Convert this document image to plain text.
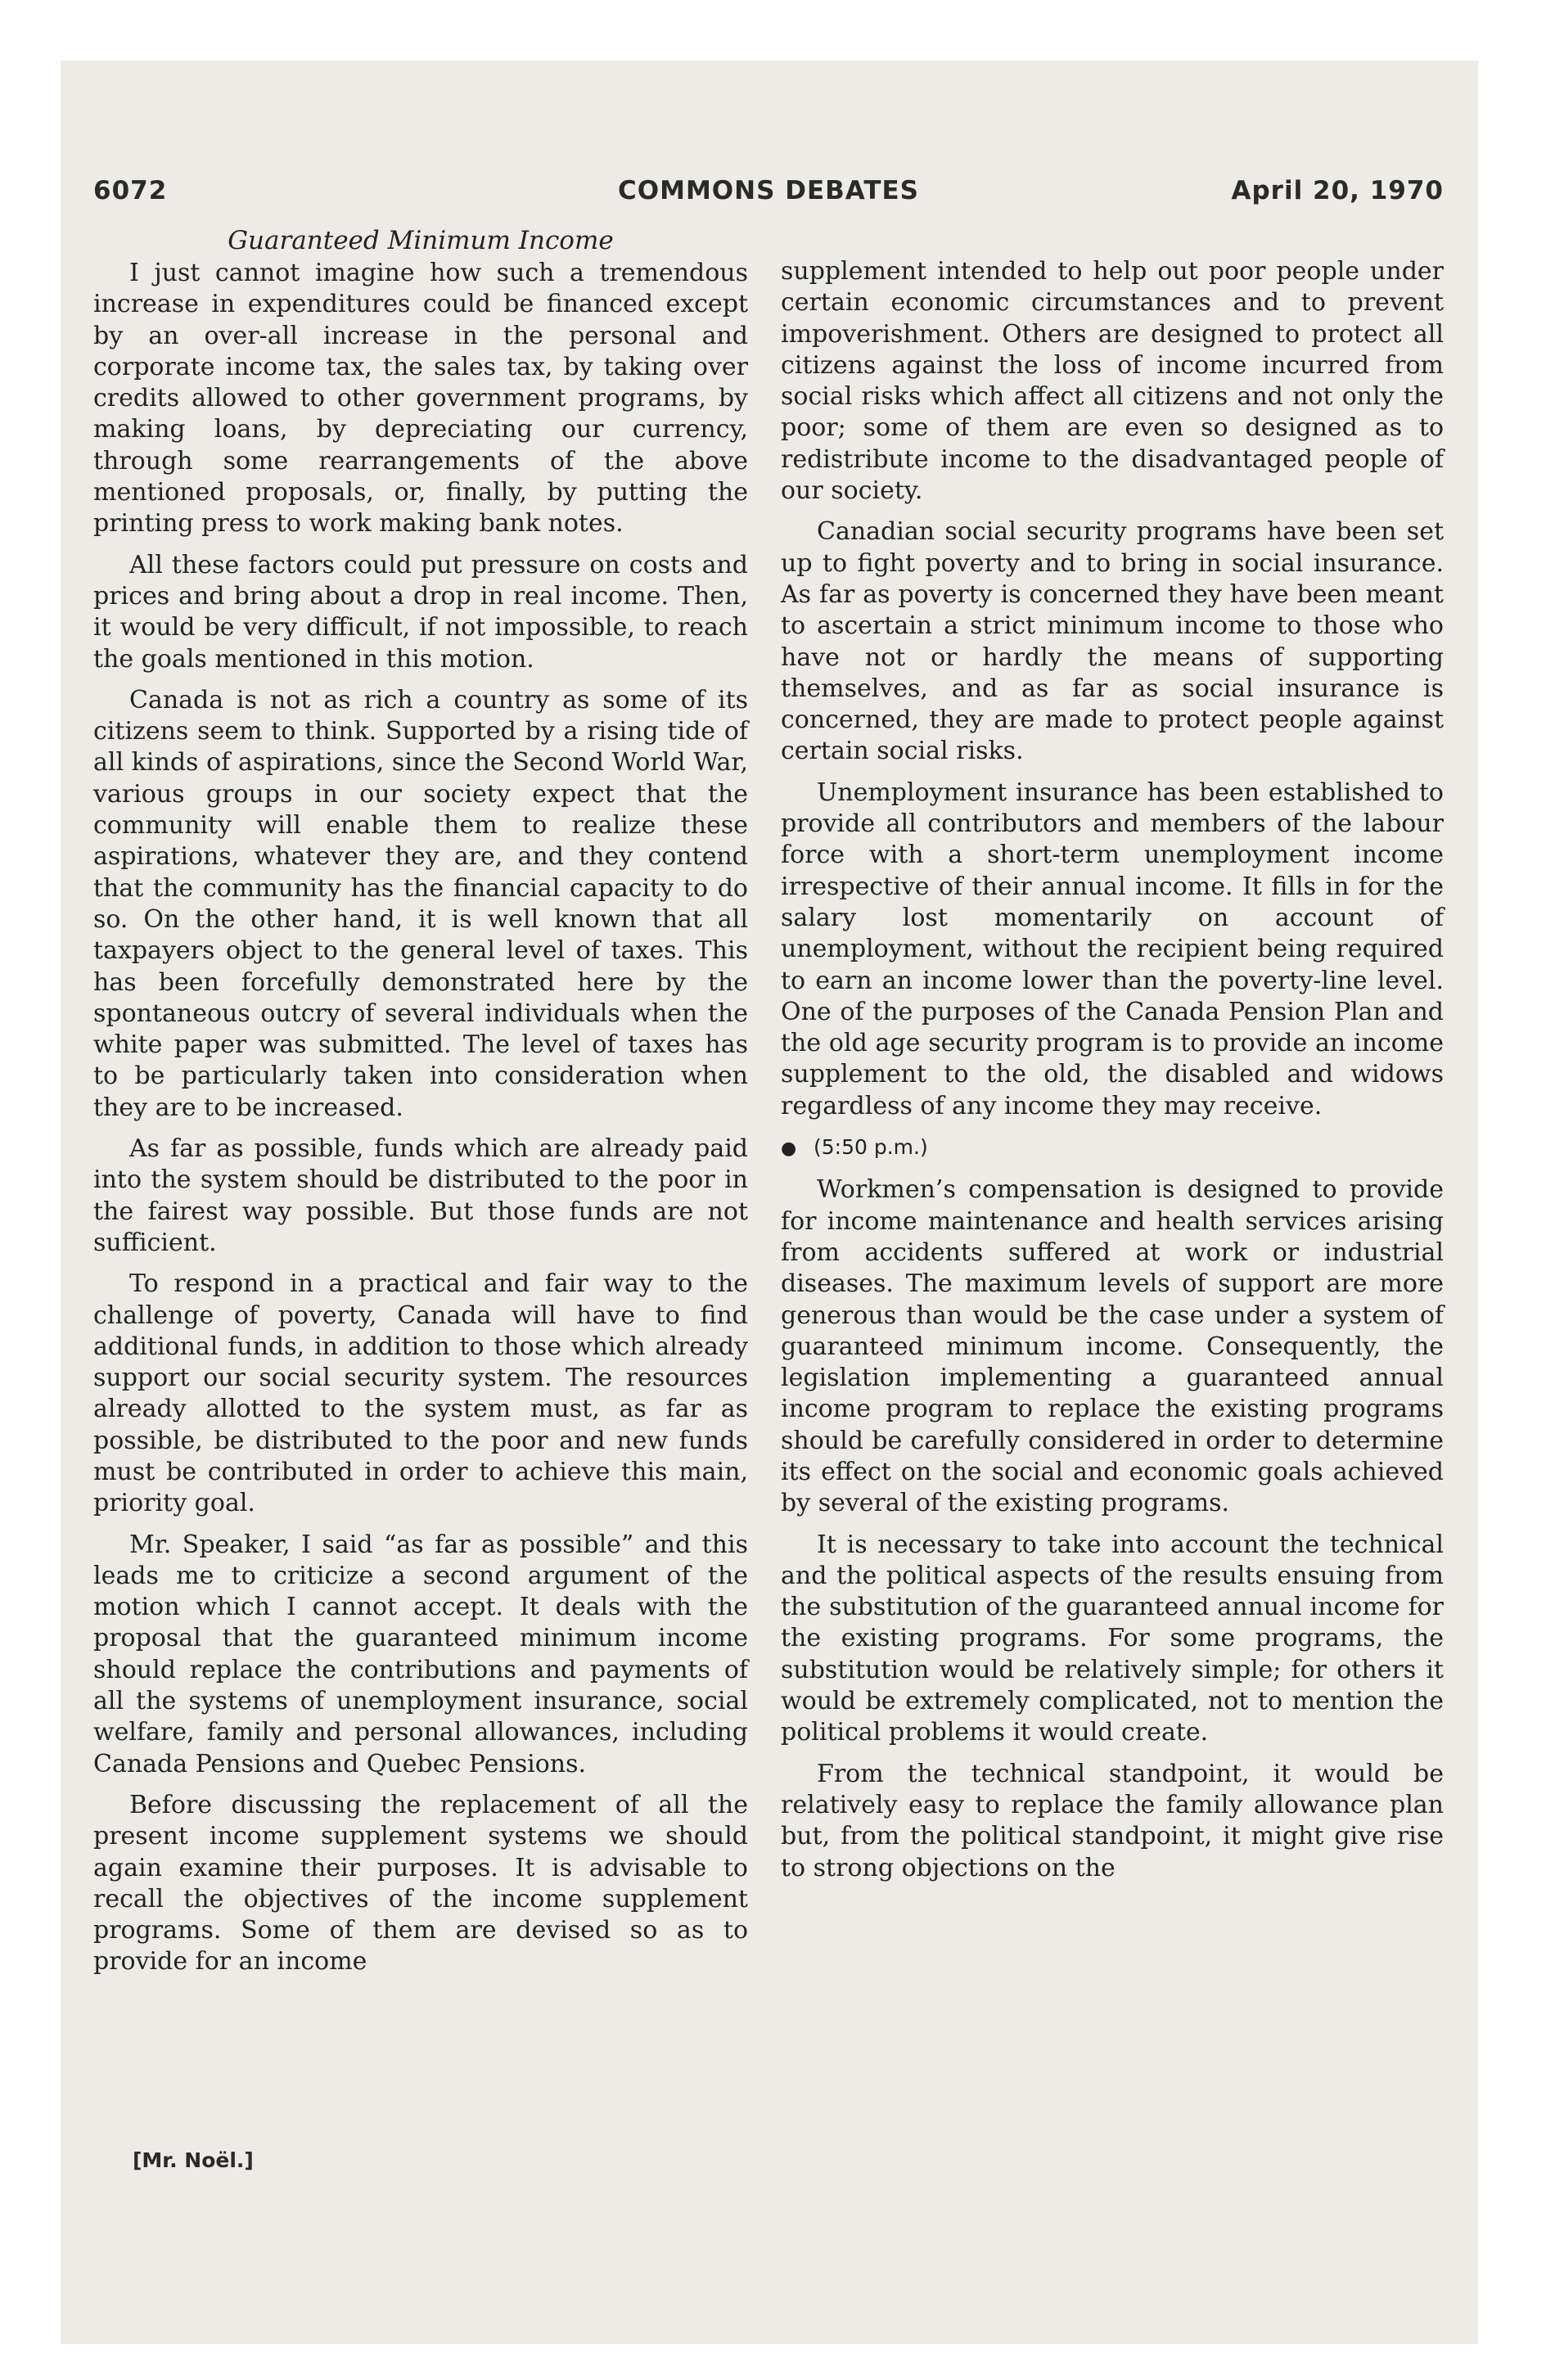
6072	COMMONS DEBATES	April 20, 1970
Guaranteed Minimum Income

I just cannot imagine how such a tremendous increase in expenditures could be financed except by an over-all increase in the personal and corporate income tax, the sales tax, by taking over credits allowed to other government programs, by making loans, by depreciating our currency, through some rearrangements of the above mentioned proposals, or, finally, by putting the printing press to work making bank notes.

All these factors could put pressure on costs and prices and bring about a drop in real income. Then, it would be very difficult, if not impossible, to reach the goals mentioned in this motion.

Canada is not as rich a country as some of its citizens seem to think. Supported by a rising tide of all kinds of aspirations, since the Second World War, various groups in our society expect that the community will enable them to realize these aspirations, whatever they are, and they contend that the community has the financial capacity to do so. On the other hand, it is well known that all taxpayers object to the general level of taxes. This has been forcefully demonstrated here by the spontaneous outcry of several individuals when the white paper was submitted. The level of taxes has to be particularly taken into consideration when they are to be increased.

As far as possible, funds which are already paid into the system should be distributed to the poor in the fairest way possible. But those funds are not sufficient.

To respond in a practical and fair way to the challenge of poverty, Canada will have to find additional funds, in addition to those which already support our social security system. The resources already allotted to the system must, as far as possible, be distributed to the poor and new funds must be contributed in order to achieve this main, priority goal.

Mr. Speaker, I said “as far as possible” and this leads me to criticize a second argument of the motion which I cannot accept. It deals with the proposal that the guaranteed minimum income should replace the contributions and payments of all the systems of unemployment insurance, social welfare, family and personal allowances, including Canada Pensions and Quebec Pensions.

Before discussing the replacement of all the present income supplement systems we should again examine their purposes. It is advisable to recall the objectives of the income supplement programs. Some of them are devised so as to provide for an income

supplement intended to help out poor people under certain economic circumstances and to prevent impoverishment. Others are designed to protect all citizens against the loss of income incurred from social risks which affect all citizens and not only the poor; some of them are even so designed as to redistribute income to the disadvantaged people of our society.

Canadian social security programs have been set up to fight poverty and to bring in social insurance. As far as poverty is concerned they have been meant to ascertain a strict minimum income to those who have not or hardly the means of supporting themselves, and as far as social insurance is concerned, they are made to protect people against certain social risks.

Unemployment insurance has been established to provide all contributors and members of the labour force with a short-term unemployment income irrespective of their annual income. It fills in for the salary lost momentarily on account of unemployment, without the recipient being required to earn an income lower than the poverty-line level. One of the purposes of the Canada Pension Plan and the old age security program is to provide an income supplement to the old, the disabled and widows regardless of any income they may receive.

● (5:50 p.m.)

Workmen’s compensation is designed to provide for income maintenance and health services arising from accidents suffered at work or industrial diseases. The maximum levels of support are more generous than would be the case under a system of guaranteed minimum income. Consequently, the legislation implementing a guaranteed annual income program to replace the existing programs should be carefully considered in order to determine its effect on the social and economic goals achieved by several of the existing programs.

It is necessary to take into account the technical and the political aspects of the results ensuing from the substitution of the guaranteed annual income for the existing programs. For some programs, the substitution would be relatively simple; for others it would be extremely complicated, not to mention the political problems it would create.

From the technical standpoint, it would be relatively easy to replace the family allowance plan but, from the political standpoint, it might give rise to strong objections on the

[Mr. Noël.]
